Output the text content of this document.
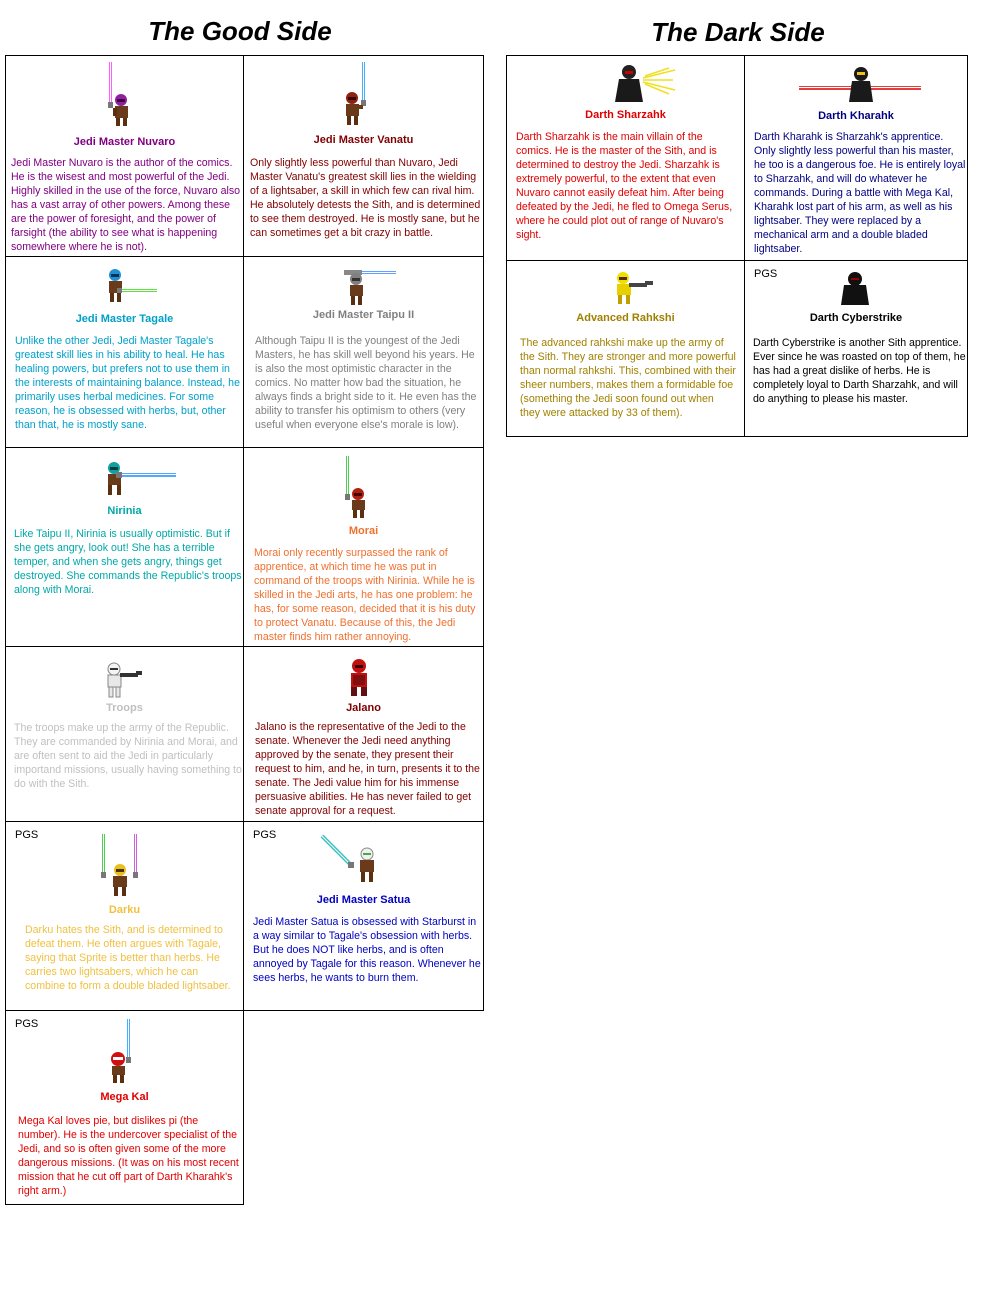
The Good Side	The Dark Side
Jedi Master Nuvaro
Jedi Master Nuvaro is the author of the comics. He is the wisest and most powerful of the Jedi. Highly skilled in the use of the force, Nuvaro also has a vast array of other powers. Among these are the power of foresight, and the power of farsight (the ability to see what is happening somewhere where he is not).
Jedi Master Vanatu
Only slightly less powerful than Nuvaro, Jedi Master Vanatu's greatest skill lies in the wielding of a lightsaber, a skill in which few can rival him. He absolutely detests the Sith, and is determined to see them destroyed. He is mostly sane, but he can sometimes get a bit crazy in battle.
Jedi Master Tagale
Unlike the other Jedi, Jedi Master Tagale's greatest skill lies in his ability to heal. He has healing powers, but prefers not to use them in the interests of maintaining balance. Instead, he primarily uses herbal medicines. For some reason, he is obsessed with herbs, but, other than that, he is mostly sane.
Jedi Master Taipu II
Although Taipu II is the youngest of the Jedi Masters, he has skill well beyond his years. He is also the most optimistic character in the comics. No matter how bad the situation, he always finds a bright side to it. He even has the ability to transfer his optimism to others (very useful when everyone else's morale is low).
Nirinia
Like Taipu II, Nirinia is usually optimistic. But if she gets angry, look out! She has a terrible temper, and when she gets angry, things get destroyed. She commands the Republic's troops along with Morai.
Morai
Morai only recently surpassed the rank of apprentice, at which time he was put in command of the troops with Nirinia. While he is skilled in the Jedi arts, he has one problem: he has, for some reason, decided that it is his duty to protect Vanatu. Because of this, the Jedi master finds him rather annoying.
Troops
The troops make up the army of the Republic. They are commanded by Nirinia and Morai, and are often sent to aid the Jedi in particularly importand missions, usually having something to do with the Sith.
Jalano
Jalano is the representative of the Jedi to the senate. Whenever the Jedi need anything approved by the senate, they present their request to him, and he, in turn, presents it to the senate. The Jedi value him for his immense persuasive abilities. He has never failed to get senate approval for a request.
PGS
Darku
Darku hates the Sith, and is determined to defeat them. He often argues with Tagale, saying that Sprite is better than herbs. He carries two lightsabers, which he can combine to form a double bladed lightsaber.
PGS
Jedi Master Satua
Jedi Master Satua is obsessed with Starburst in a way similar to Tagale's obsession with herbs. But he does NOT like herbs, and is often annoyed by Tagale for this reason. Whenever he sees herbs, he wants to burn them.
PGS
Mega Kal
Mega Kal loves pie, but dislikes pi (the number). He is the undercover specialist of the Jedi, and so is often given some of the more dangerous missions. (It was on his most recent mission that he cut off part of Darth Kharahk's right arm.)
Darth Sharzahk
Darth Sharzahk is the main villain of the comics. He is the master of the Sith, and is determined to destroy the Jedi. Sharzahk is extremely powerful, to the extent that even Nuvaro cannot easily defeat him. After being defeated by the Jedi, he fled to Omega Serus, where he could plot out of range of Nuvaro's sight.
Darth Kharahk
Darth Kharahk is Sharzahk's apprentice. Only slightly less powerful than his master, he too is a dangerous foe. He is entirely loyal to Sharzahk, and will do whatever he commands. During a battle with Mega Kal, Kharahk lost part of his arm, as well as his lightsaber. They were replaced by a mechanical arm and a double bladed lightsaber.
Advanced Rahkshi
The advanced rahkshi make up the army of the Sith. They are stronger and more powerful than normal rahkshi. This, combined with their sheer numbers, makes them a formidable foe (something the Jedi soon found out when they were attacked by 33 of them).
PGS
Darth Cyberstrike
Darth Cyberstrike is another Sith apprentice. Ever since he was roasted on top of them, he has had a great dislike of herbs. He is completely loyal to Darth Sharzahk, and will do anything to please his master.
